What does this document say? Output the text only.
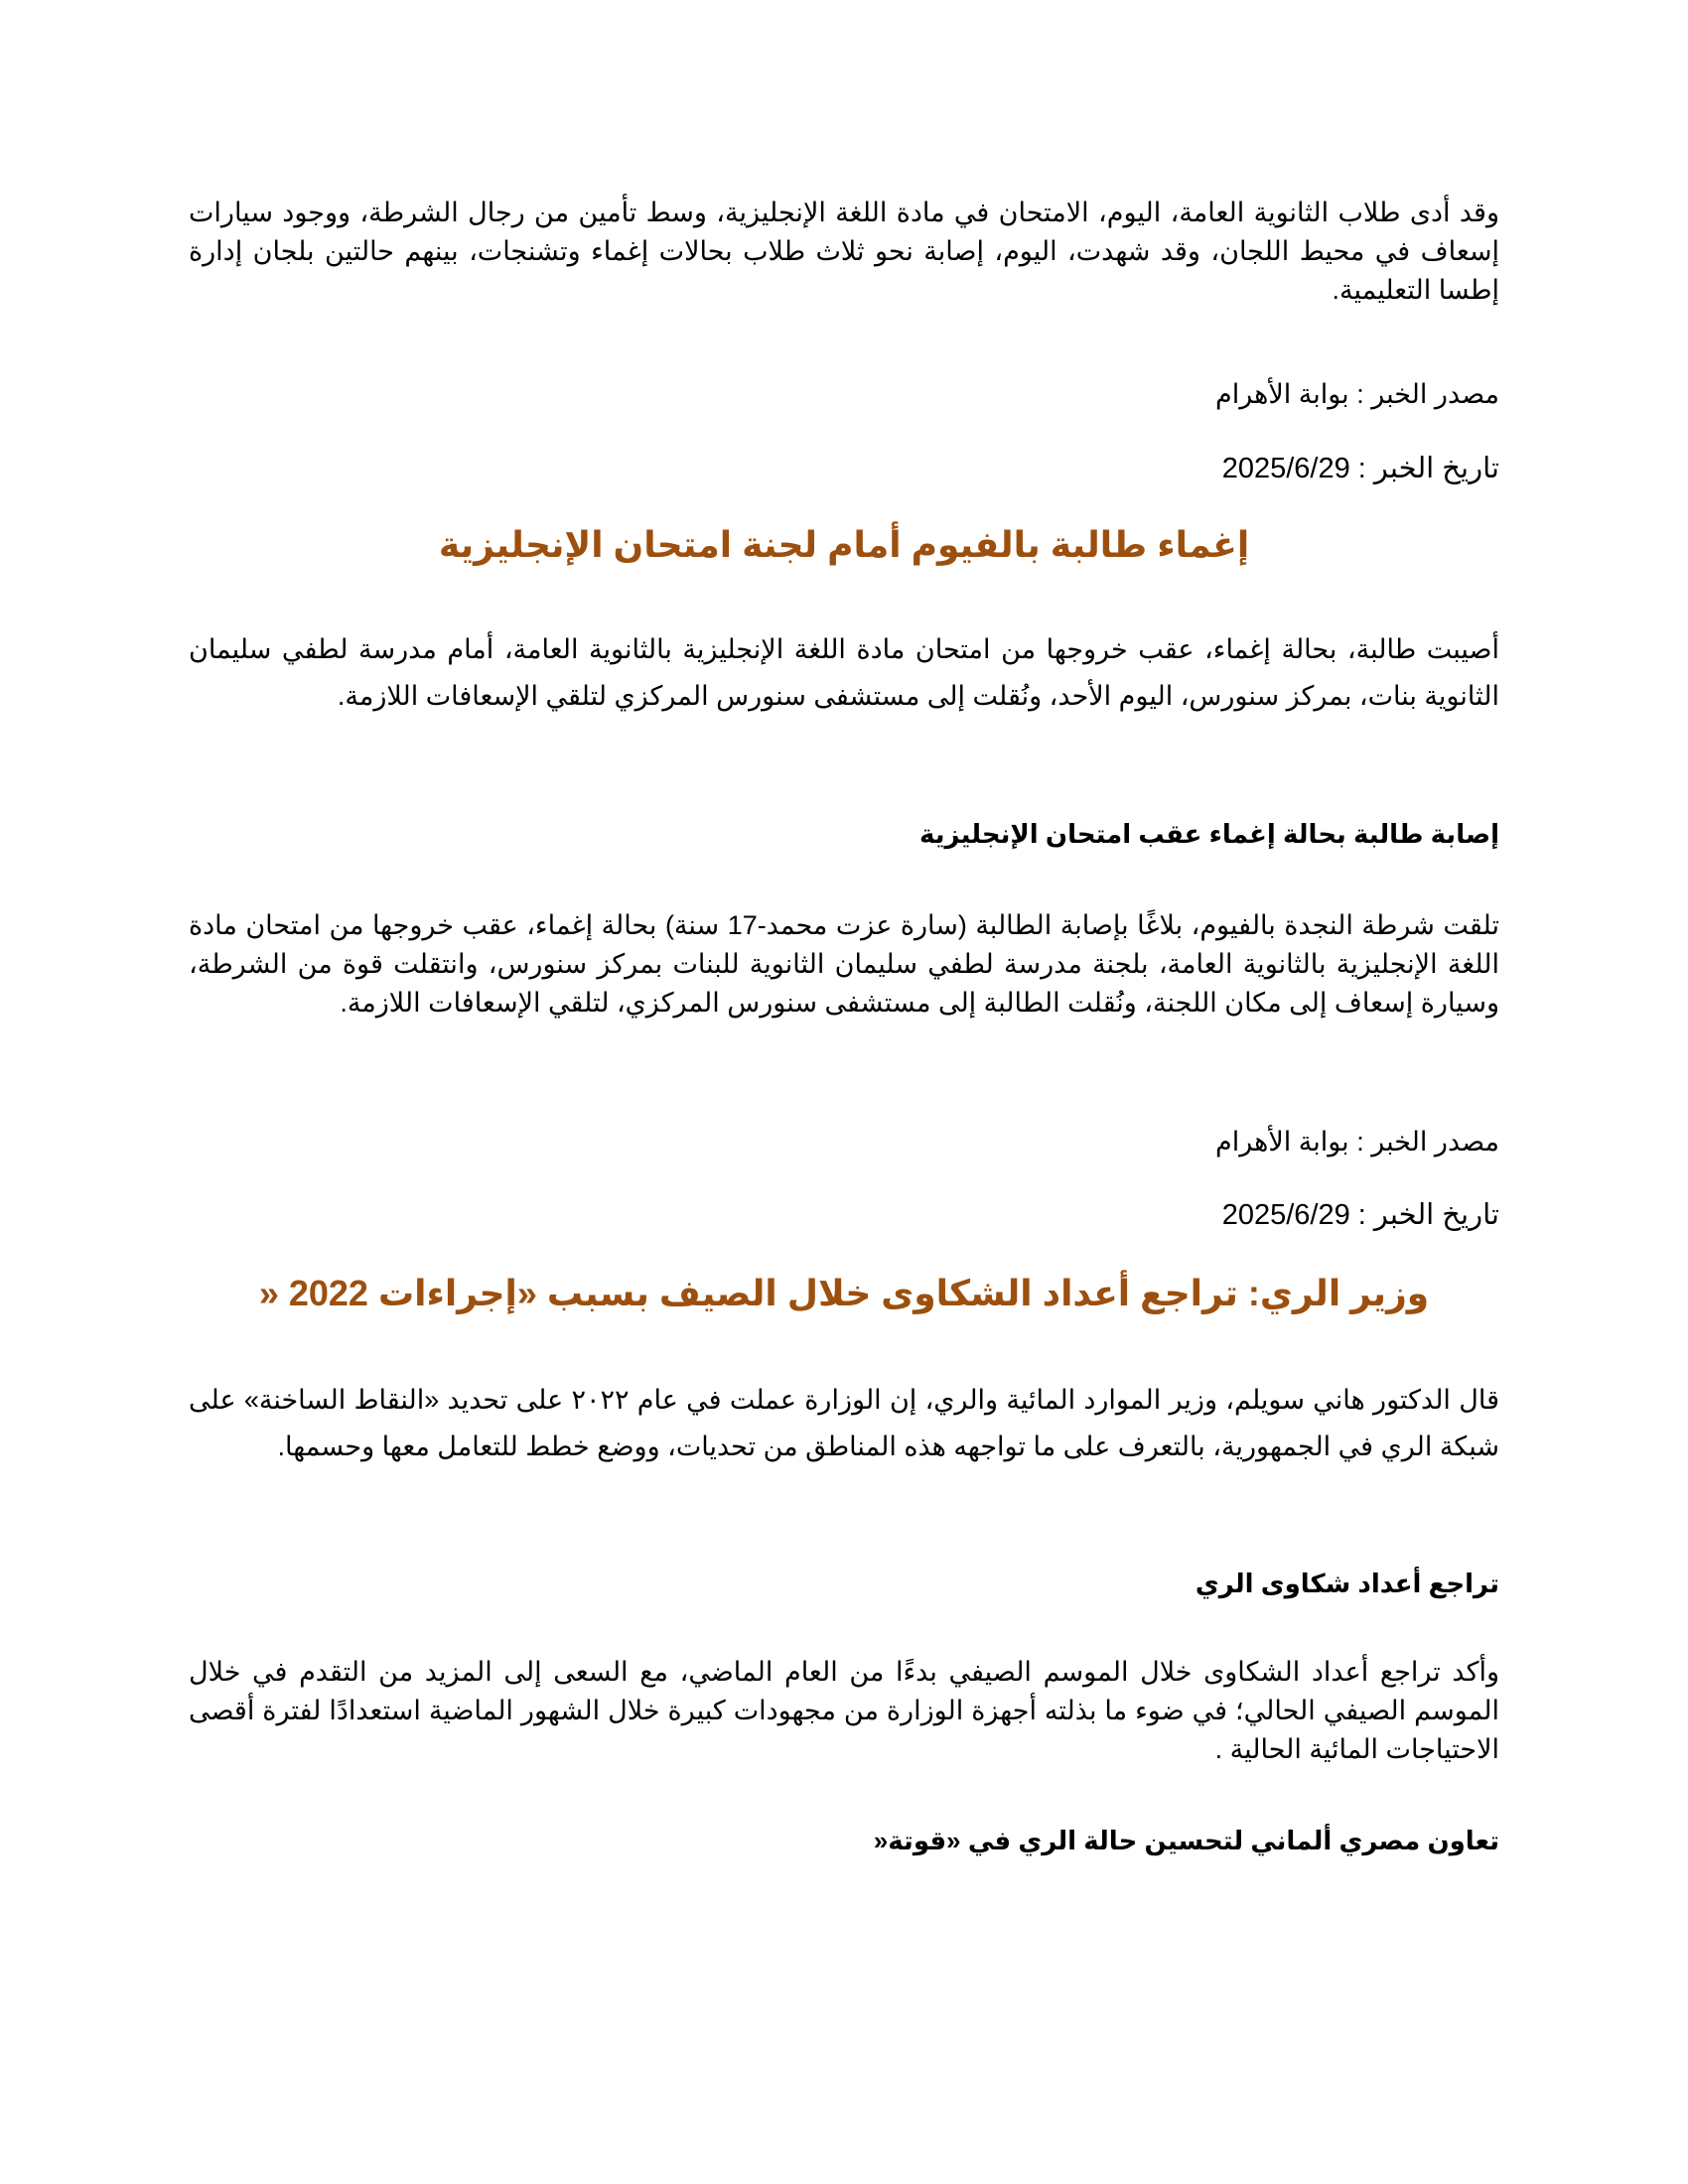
وقد أدى طلاب الثانوية العامة، اليوم، الامتحان في مادة اللغة الإنجليزية، وسط تأمين من رجال الشرطة، ووجود سيارات إسعاف في محيط اللجان، وقد شهدت، اليوم، إصابة نحو ثلاث طلاب بحالات إغماء وتشنجات، بينهم حالتين بلجان إدارة إطسا التعليمية.

مصدر الخبر : بوابة الأهرام

تاريخ الخبر : 2025/6/29

إغماء طالبة بالفيوم أمام لجنة امتحان الإنجليزية

أصيبت طالبة، بحالة إغماء، عقب خروجها من امتحان مادة اللغة الإنجليزية بالثانوية العامة، أمام مدرسة لطفي سليمان الثانوية بنات، بمركز سنورس، اليوم الأحد، ونُقلت إلى مستشفى سنورس المركزي لتلقي الإسعافات اللازمة.

إصابة طالبة بحالة إغماء عقب امتحان الإنجليزية

تلقت شرطة النجدة بالفيوم، بلاغًا بإصابة الطالبة (سارة عزت محمد-17 سنة) بحالة إغماء، عقب خروجها من امتحان مادة اللغة الإنجليزية بالثانوية العامة، بلجنة مدرسة لطفي سليمان الثانوية للبنات بمركز سنورس، وانتقلت قوة من الشرطة، وسيارة إسعاف إلى مكان اللجنة، ونُقلت الطالبة إلى مستشفى سنورس المركزي، لتلقي الإسعافات اللازمة.

مصدر الخبر : بوابة الأهرام

تاريخ الخبر : 2025/6/29

وزير الري: تراجع أعداد الشكاوى خلال الصيف بسبب «إجراءات 2022 «

قال الدكتور هاني سويلم، وزير الموارد المائية والري، إن الوزارة عملت في عام ٢٠٢٢ على تحديد «النقاط الساخنة» على شبكة الري في الجمهورية، بالتعرف على ما تواجهه هذه المناطق من تحديات، ووضع خطط للتعامل معها وحسمها.

تراجع أعداد شكاوى الري

وأكد تراجع أعداد الشكاوى خلال الموسم الصيفي بدءًا من العام الماضي، مع السعى إلى المزيد من التقدم في خلال الموسم الصيفي الحالي؛ في ضوء ما بذلته أجهزة الوزارة من مجهودات كبيرة خلال الشهور الماضية استعدادًا لفترة أقصى الاحتياجات المائية الحالية .

تعاون مصري ألماني لتحسين حالة الري في «قوتة«
